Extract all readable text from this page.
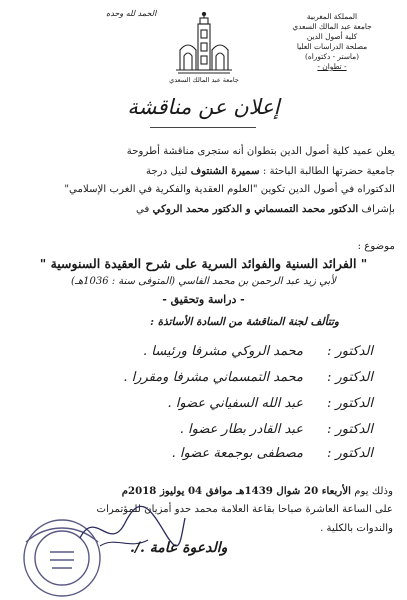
المملكة المغربية
جامعة عبد المالك السعدي
كلية أصول الدين
مصلحة الدراسات العليا
(ماستر - دكتوراه)
- تطوان -
الحمد لله وحده
جامعة عبد المالك السعدي
إعلان عن مناقشة
يعلن عميد كلية أصول الدين بتطوان أنه ستجرى مناقشة أطروحة
جامعية حضرتها الطالبة الباحثة : سميرة الشنتوف لنيل درجة
الدكتوراه في أصول الدين تكوين "العلوم العقدية والفكرية في الغرب الإسلامي"
بإشراف الدكتور محمد التمسماني و الدكتور محمد الروكي في
موضوع :
" الفرائد السنية والفوائد السرية على شرح العقيدة السنوسية "
لأبي زيد عبد الرحمن بن محمد الفاسي (المتوفى سنة : 1036هـ)
- دراسة وتحقيق -
وتتألف لجنة المناقشة من السادة الأساتذة :
الدكتور :
محمد الروكي مشرفا ورئيسا .
الدكتور :
محمد التمسماني مشرفا ومقررا .
الدكتور :
عبد الله السفياني عضوا .
الدكتور :
عبد القادر بطار عضوا .
الدكتور :
مصطفى بوجمعة عضوا .
وذلك يوم الأربعاء 20 شوال 1439هـ موافق 04 يوليوز 2018م
على الساعة العاشرة صباحا بقاعة العلامة محمد حدو أمزيان للمؤتمرات
والندوات بالكلية .
والدعوة عامة ./.
